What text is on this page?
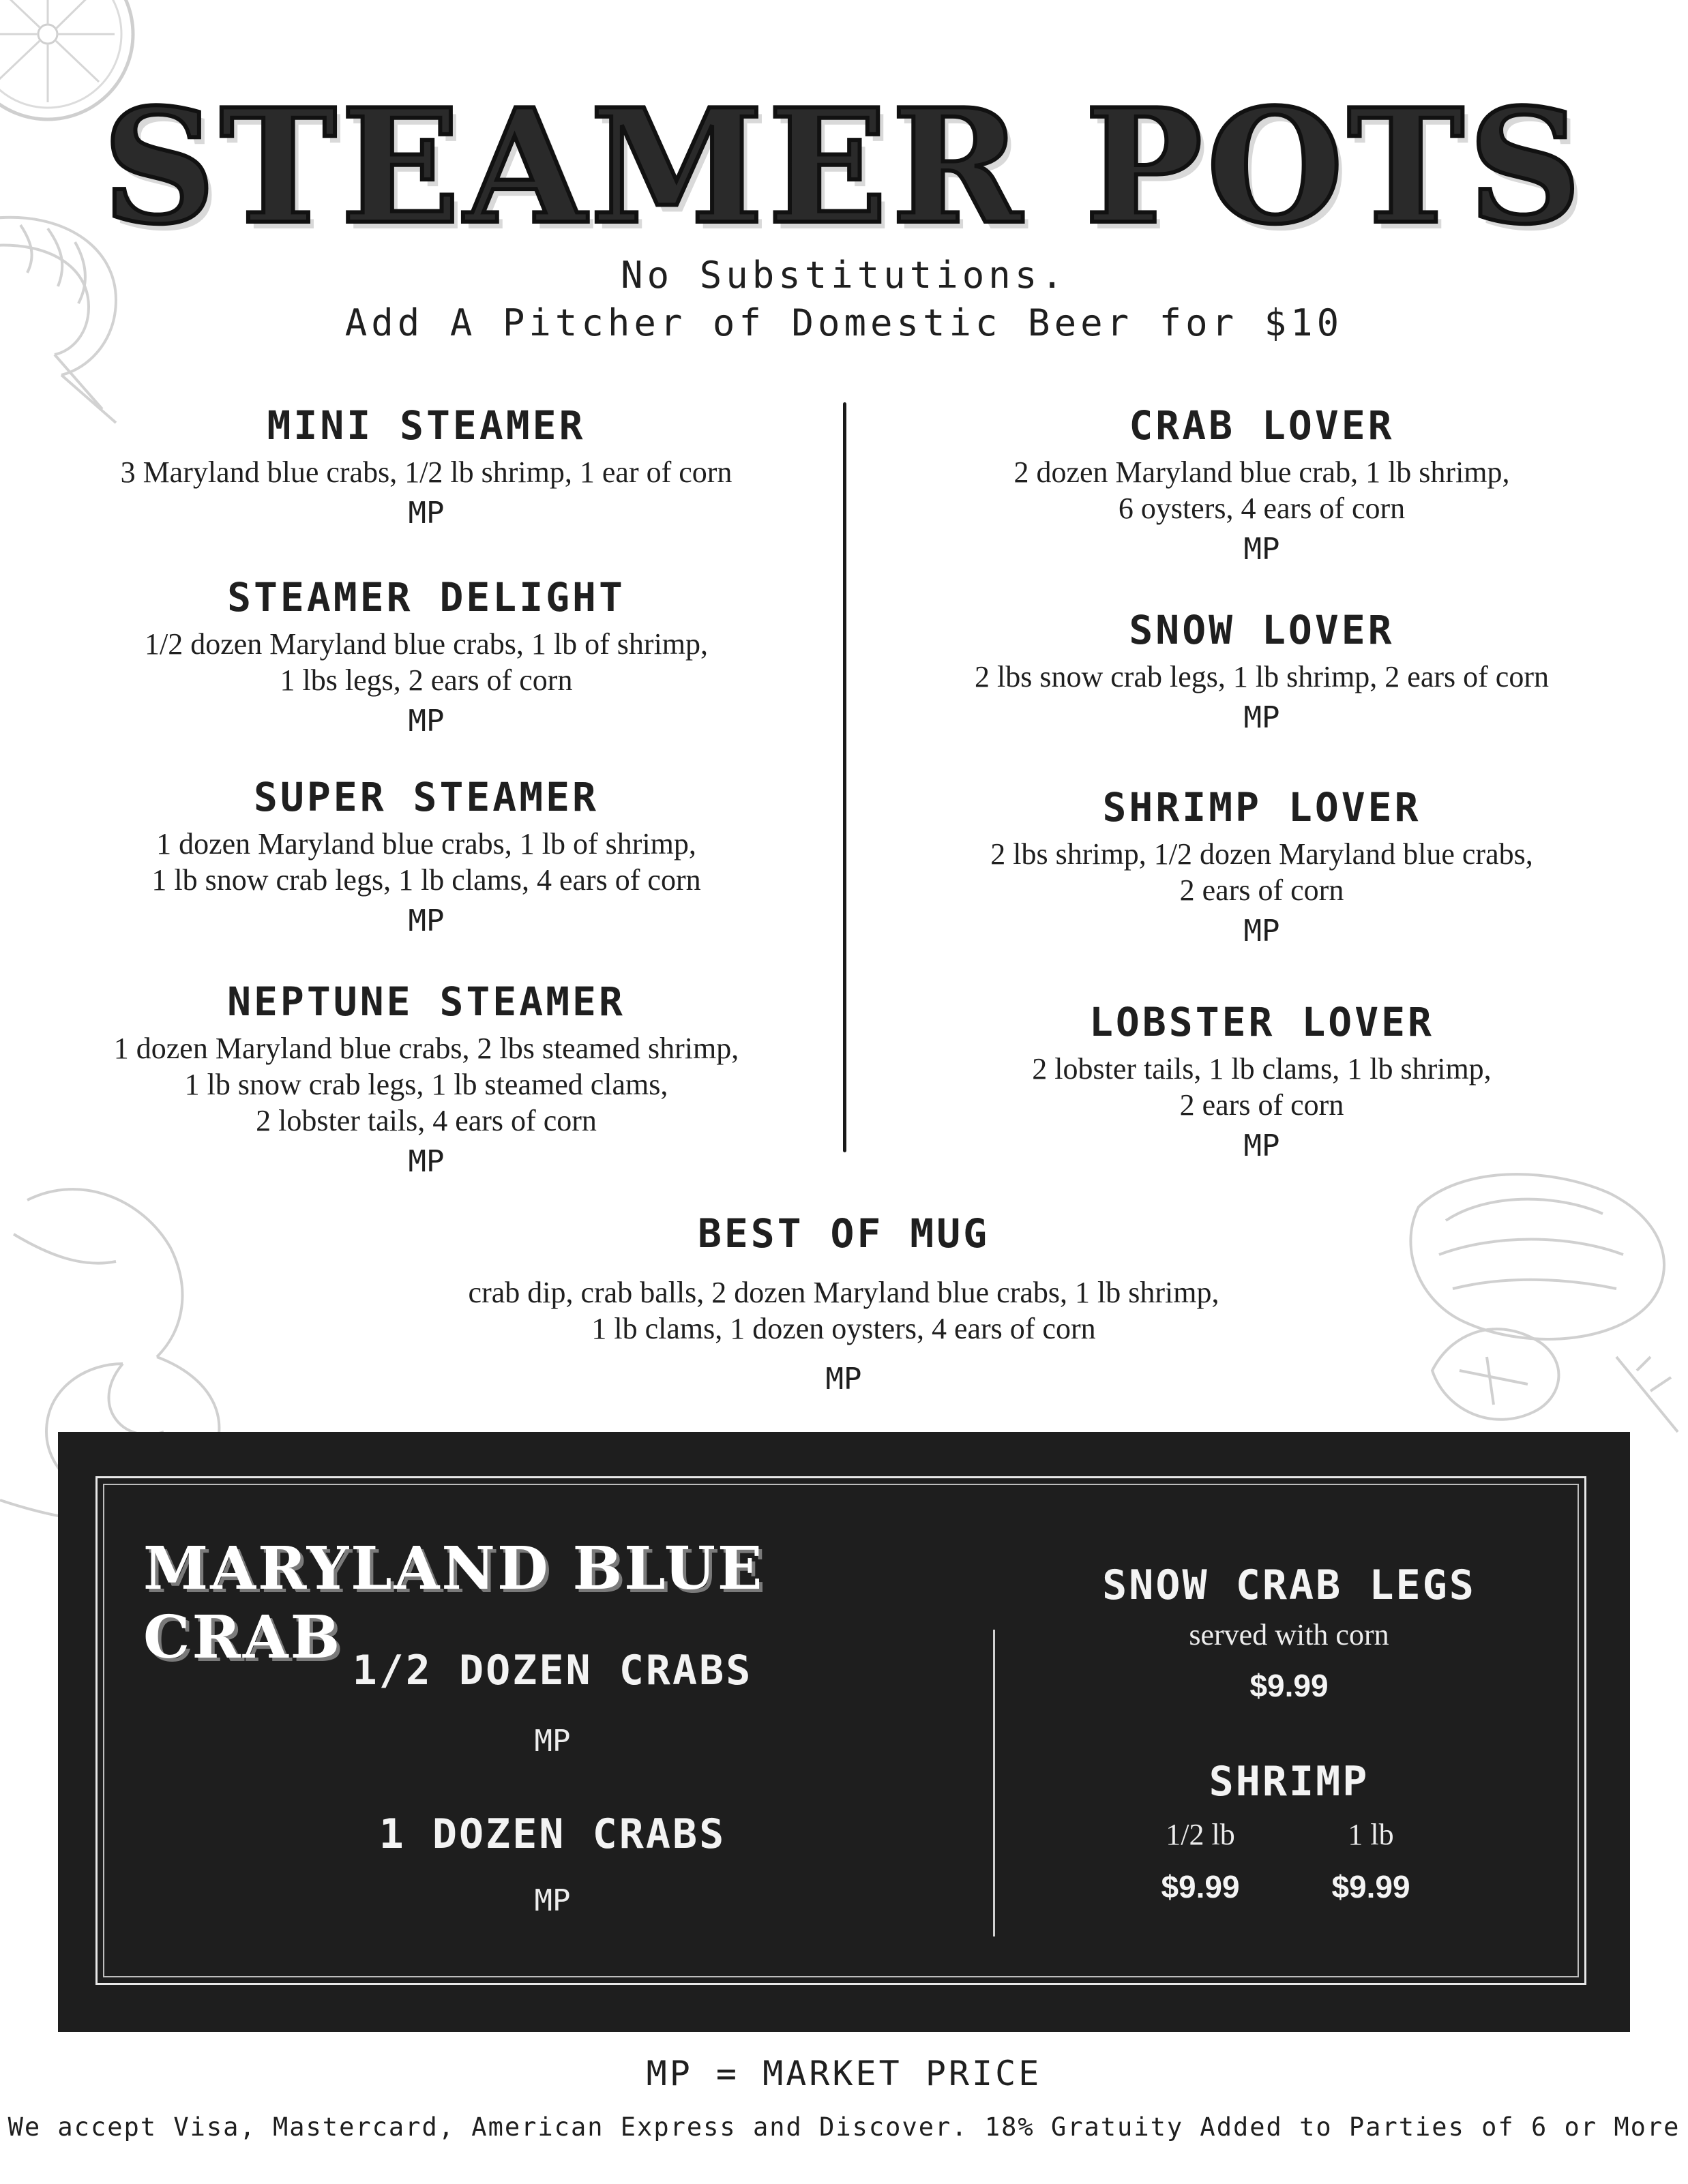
STEAMER POTS
No Substitutions.
Add A Pitcher of Domestic Beer for $10
MINI STEAMER
3 Maryland blue crabs, 1/2 lb shrimp, 1 ear of corn
MP
STEAMER DELIGHT
1/2 dozen Maryland blue crabs, 1 lb of shrimp,
1 lbs legs, 2 ears of corn
MP
SUPER STEAMER
1 dozen Maryland blue crabs, 1 lb of shrimp,
1 lb snow crab legs, 1 lb clams, 4 ears of corn
MP
NEPTUNE STEAMER
1 dozen Maryland blue crabs, 2 lbs steamed shrimp,
1 lb snow crab legs, 1 lb steamed clams,
2 lobster tails, 4 ears of corn
MP
CRAB LOVER
2 dozen Maryland blue crab, 1 lb shrimp,
6 oysters, 4 ears of corn
MP
SNOW LOVER
2 lbs snow crab legs, 1 lb shrimp, 2 ears of corn
MP
SHRIMP LOVER
2 lbs shrimp, 1/2 dozen Maryland blue crabs,
2 ears of corn
MP
LOBSTER LOVER
2 lobster tails, 1 lb clams, 1 lb shrimp,
2 ears of corn
MP
BEST OF MUG
crab dip, crab balls, 2 dozen Maryland blue crabs, 1 lb shrimp,
1 lb clams, 1 dozen oysters, 4 ears of corn
MP
MARYLAND BLUE CRAB 1/2 DOZEN CRABS
MP
1 DOZEN CRABS
MP
SNOW CRAB LEGS
served with corn
$9.99
SHRIMP
1/2 lb	1 lb
$9.99	$9.99
MP = MARKET PRICE
We accept Visa, Mastercard, American Express and Discover. 18% Gratuity Added to Parties of 6 or More
